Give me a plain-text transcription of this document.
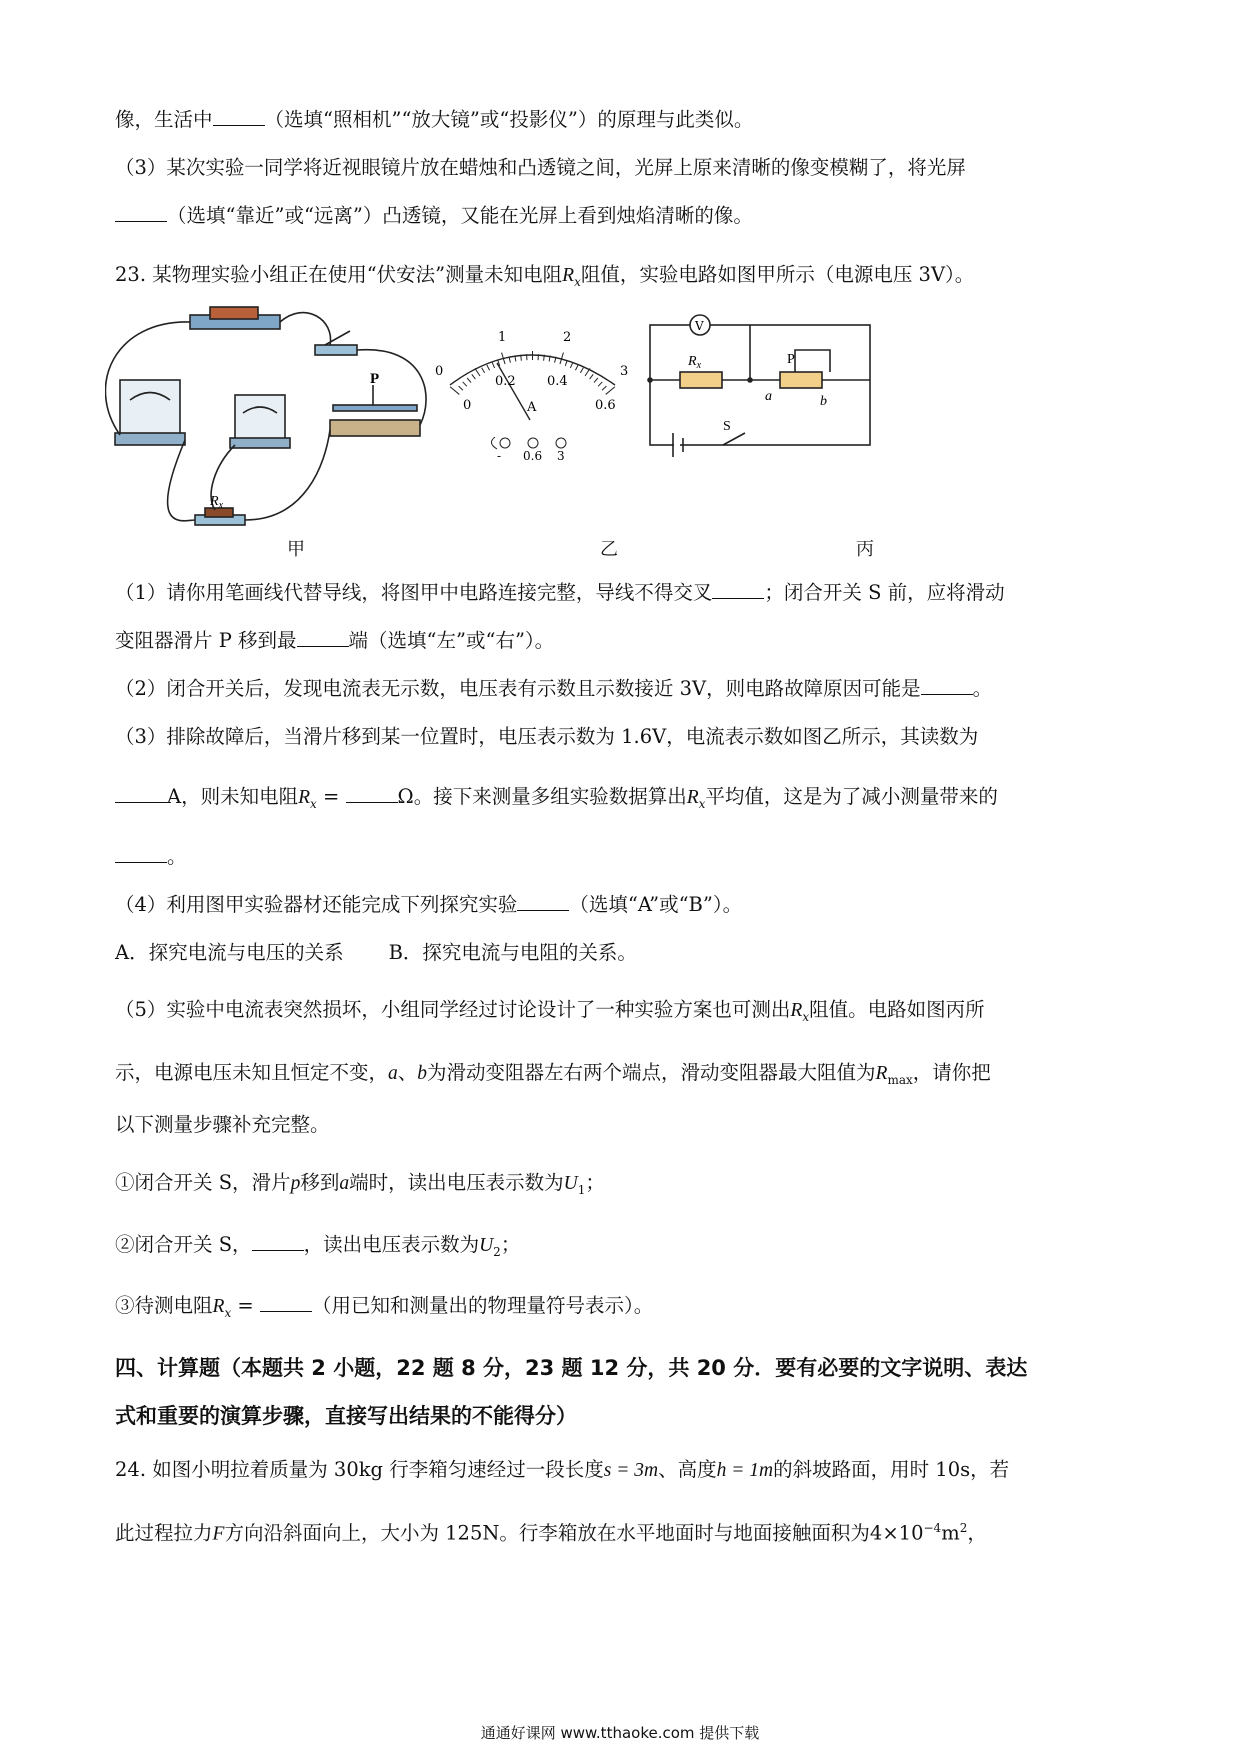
像，生活中	（选填“照相机”“放大镜”或“投影仪”）的原理与此类似。
（3）某次实验一同学将近视眼镜片放在蜡烛和凸透镜之间，光屏上原来清晰的像变模糊了，将光屏
（选填“靠近”或“远离”）凸透镜，又能在光屏上看到烛焰清晰的像。
23. 某物理实验小组正在使用“伏安法”测量未知电阻$R_x$阻值，实验电路如图甲所示（电源电压 3V）。
P
$R_x$
0
1	2
3
0
0.2 0.4
0.6
A
- 0.6 3
V
$R_x$	P
a	b
S
甲	乙	丙
（1）请你用笔画线代替导线，将图甲中电路连接完整，导线不得交叉	；闭合开关 S 前，应将滑动
变阻器滑片 P 移到最	端（选填“左”或“右”）。
（2）闭合开关后，发现电流表无示数，电压表有示数且示数接近 3V，则电路故障原因可能是	。
（3）排除故障后，当滑片移到某一位置时，电压表示数为 1.6V，电流表示数如图乙所示，其读数为
A，则未知电阻$R_x$ =	Ω。接下来测量多组实验数据算出$R_x$平均值，这是为了减小测量带来的
。
（4）利用图甲实验器材还能完成下列探究实验	（选填“A”或“B”）。
A．探究电流与电压的关系 B．探究电流与电阻的关系。
（5）实验中电流表突然损坏，小组同学经过讨论设计了一种实验方案也可测出$R_x$阻值。电路如图丙所
示，电源电压未知且恒定不变，a、b为滑动变阻器左右两个端点，滑动变阻器最大阻值为$R_{max}$，请你把
以下测量步骤补充完整。
①闭合开关 S，滑片p移到a端时，读出电压表示数为$U_1$；
②闭合开关 S，	，读出电压表示数为$U_2$；
③待测电阻$R_x$ =	（用已知和测量出的物理量符号表示）。
四、计算题（本题共 2 小题，22 题 8 分，23 题 12 分，共 20 分．要有必要的文字说明、表达
式和重要的演算步骤，直接写出结果的不能得分）
24. 如图小明拉着质量为 30kg 行李箱匀速经过一段长度s = 3m、高度h = 1m的斜坡路面，用时 10s，若
此过程拉力F方向沿斜面向上，大小为 125N。行李箱放在水平地面时与地面接触面积为$4\times 10^{-4}m^2$，
通通好课网 www.tthaoke.com 提供下载
